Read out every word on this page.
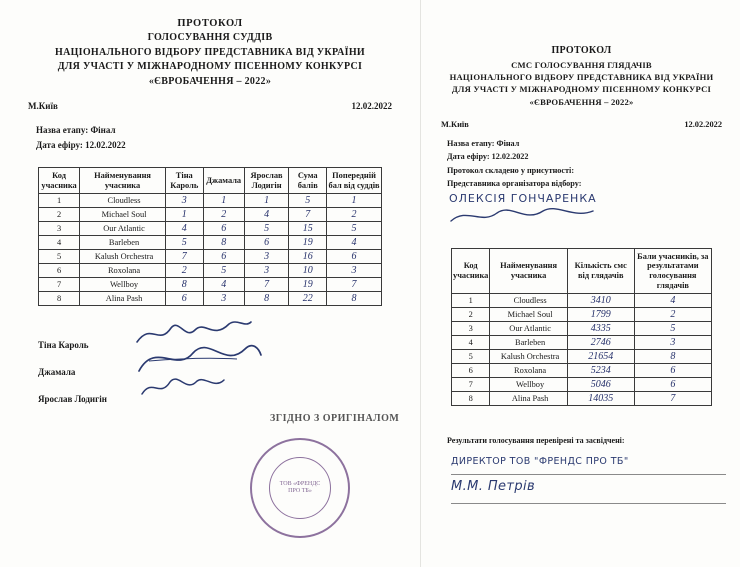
ПРОТОКОЛ
ГОЛОСУВАННЯ СУДДІВ
НАЦІОНАЛЬНОГО ВІДБОРУ ПРЕДСТАВНИКА ВІД УКРАЇНИ
ДЛЯ УЧАСТІ У МІЖНАРОДНОМУ ПІСЕННОМУ КОНКУРСІ
«ЄВРОБАЧЕННЯ – 2022»
М.Київ	12.02.2022
Назва етапу: Фінал
Дата ефіру: 12.02.2022
Код учасника	Найменування учасника	Тіна Кароль	Джамала	Ярослав Лодигін	Сума балів	Попередній бал від суддів
1	Cloudless	3	1	1	5	1
2	Michael Soul	1	2	4	7	2
3	Our Atlantic	4	6	5	15	5
4	Barleben	5	8	6	19	4
5	Kalush Orchestra	7	6	3	16	6
6	Roxolana	2	5	3	10	3
7	Wellboy	8	4	7	19	7
8	Alina Pash	6	3	8	22	8
Тіна Кароль
Джамала
Ярослав Лодигін
ЗГІДНО З ОРИГІНАЛОМ
ТОВ «ФРЕНДС ПРО ТБ»
ПРОТОКОЛ
СМС ГОЛОСУВАННЯ ГЛЯДАЧІВ
НАЦІОНАЛЬНОГО ВІДБОРУ ПРЕДСТАВНИКА ВІД УКРАЇНИ
ДЛЯ УЧАСТІ У МІЖНАРОДНОМУ ПІСЕННОМУ КОНКУРСІ
«ЄВРОБАЧЕННЯ – 2022»
М.Київ	12.02.2022
Назва етапу: Фінал
Дата ефіру: 12.02.2022
Протокол складено у присутності:
Представника організатора відбору:
ОЛЕКСІЯ ГОНЧАРЕНКА
Код учасника	Найменування учасника	Кількість смс від глядачів	Бали учасників, за результатами голосування глядачів
1	Cloudless	3410	4
2	Michael Soul	1799	2
3	Our Atlantic	4335	5
4	Barleben	2746	3
5	Kalush Orchestra	21654	8
6	Roxolana	5234	6
7	Wellboy	5046	6
8	Alina Pash	14035	7
Результати голосування перевірені та засвідчені:
ДИРЕКТОР ТОВ "ФРЕНДС ПРО ТБ"
М.М. Петрів
